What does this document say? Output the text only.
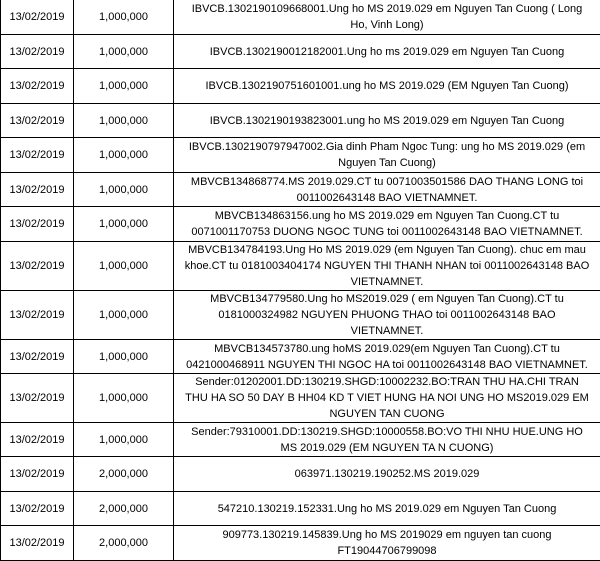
13/02/2019	1,000,000	IBVCB.1302190109668001.Ung ho MS 2019.029 em Nguyen Tan Cuong ( Long Ho, Vinh Long)
13/02/2019	1,000,000	IBVCB.1302190012182001.Ung ho ms 2019.029 em Nguyen Tan Cuong
13/02/2019	1,000,000	IBVCB.1302190751601001.ung ho MS 2019.029 (EM Nguyen Tan Cuong)
13/02/2019	1,000,000	IBVCB.1302190193823001.ung ho MS 2019.029 em Nguyen Tan Cuong
13/02/2019	1,000,000	IBVCB.1302190797947002.Gia dinh Pham Ngoc Tung: ung ho MS 2019.029 (em Nguyen Tan Cuong)
13/02/2019	1,000,000	MBVCB134868774.MS 2019.029.CT tu 0071003501586 DAO THANG LONG toi 0011002643148 BAO VIETNAMNET.
13/02/2019	1,000,000	MBVCB134863156.ung ho MS 2019.029 em Nguyen Tan Cuong.CT tu 0071001170753 DUONG NGOC TUNG toi 0011002643148 BAO VIETNAMNET.
13/02/2019	1,000,000	MBVCB134784193.Ung Ho MS 2019.029 (em Nguyen Tan Cuong). chuc em mau khoe.CT tu 0181003404174 NGUYEN THI THANH NHAN toi 0011002643148 BAO VIETNAMNET.
13/02/2019	1,000,000	MBVCB134779580.Ung ho MS2019.029 ( em Nguyen Tan Cuong).CT tu 0181000324982 NGUYEN PHUONG THAO toi 0011002643148 BAO VIETNAMNET.
13/02/2019	1,000,000	MBVCB134573780.ung hoMS 2019.029(em Nguyen Tan Cuong).CT tu 0421000468911 NGUYEN THI NGOC HA toi 0011002643148 BAO VIETNAMNET.
13/02/2019	1,000,000	Sender:01202001.DD:130219.SHGD:10002232.BO:TRAN THU HA.CHI TRAN THU HA SO 50 DAY B HH04 KD T VIET HUNG HA NOI UNG HO MS2019.029 EM NGUYEN TAN CUONG
13/02/2019	1,000,000	Sender:79310001.DD:130219.SHGD:10000558.BO:VO THI NHU HUE.UNG HO MS 2019.029 (EM NGUYEN TA N CUONG)
13/02/2019	2,000,000	063971.130219.190252.MS 2019.029
13/02/2019	2,000,000	547210.130219.152331.Ung ho MS 2019.029 em Nguyen Tan Cuong
13/02/2019	2,000,000	909773.130219.145839.Ung ho MS 2019029 em nguyen tan cuong FT19044706799098
